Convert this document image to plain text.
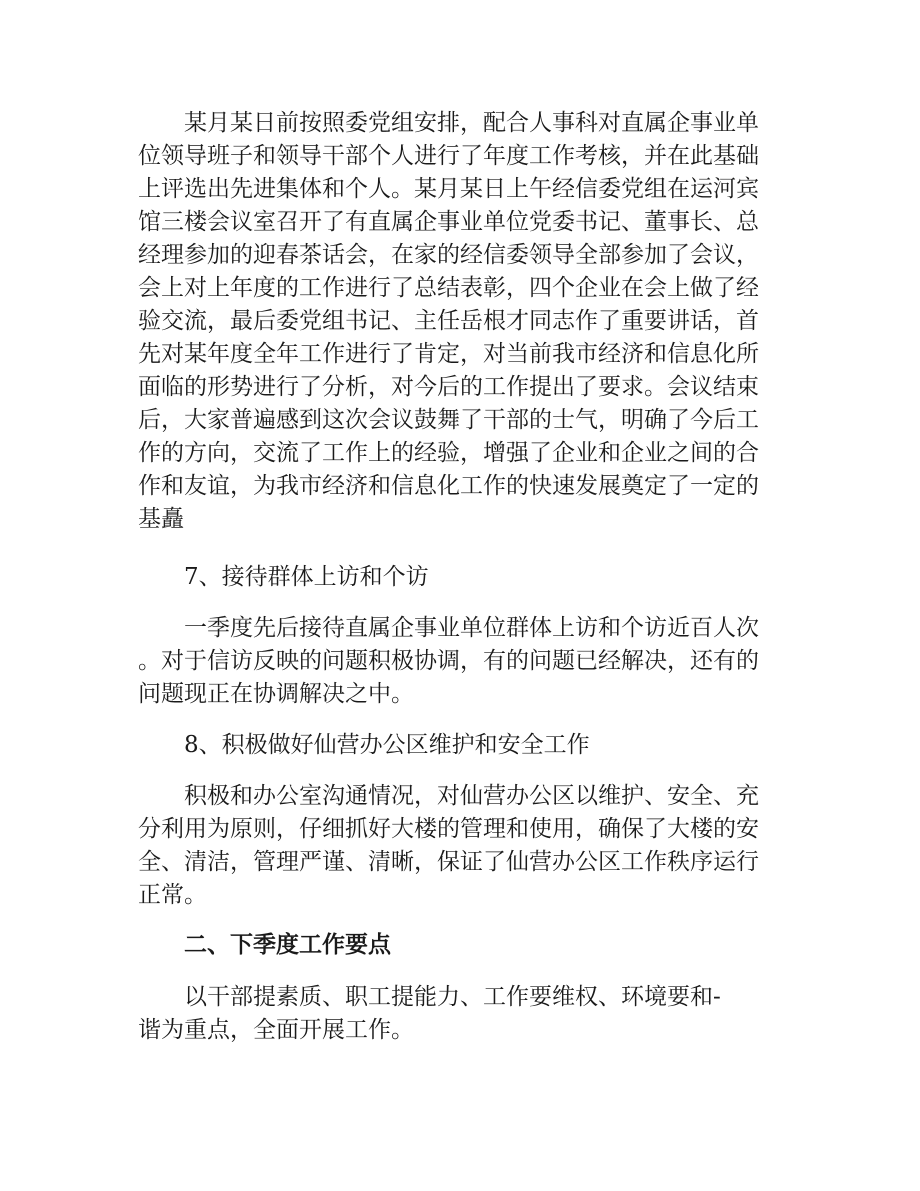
某月某日前按照委党组安排，配合人事科对直属企事业单

位领导班子和领导干部个人进行了年度工作考核，并在此基础

上评选出先进集体和个人。某月某日上午经信委党组在运河宾

馆三楼会议室召开了有直属企事业单位党委书记、董事长、总

经理参加的迎春茶话会，在家的经信委领导全部参加了会议，

会上对上年度的工作进行了总结表彰，四个企业在会上做了经

验交流，最后委党组书记、主任岳根才同志作了重要讲话，首

先对某年度全年工作进行了肯定，对当前我市经济和信息化所

面临的形势进行了分析，对今后的工作提出了要求。会议结束

后，大家普遍感到这次会议鼓舞了干部的士气，明确了今后工

作的方向，交流了工作上的经验，增强了企业和企业之间的合

作和友谊，为我市经济和信息化工作的快速发展奠定了一定的

基矗

7、接待群体上访和个访

一季度先后接待直属企事业单位群体上访和个访近百人次

。对于信访反映的问题积极协调，有的问题已经解决，还有的

问题现正在协调解决之中。

8、积极做好仙营办公区维护和安全工作

积极和办公室沟通情况，对仙营办公区以维护、安全、充

分利用为原则，仔细抓好大楼的管理和使用，确保了大楼的安

全、清洁，管理严谨、清晰，保证了仙营办公区工作秩序运行

正常。

二、下季度工作要点

以干部提素质、职工提能力、工作要维权、环境要和-

谐为重点，全面开展工作。
